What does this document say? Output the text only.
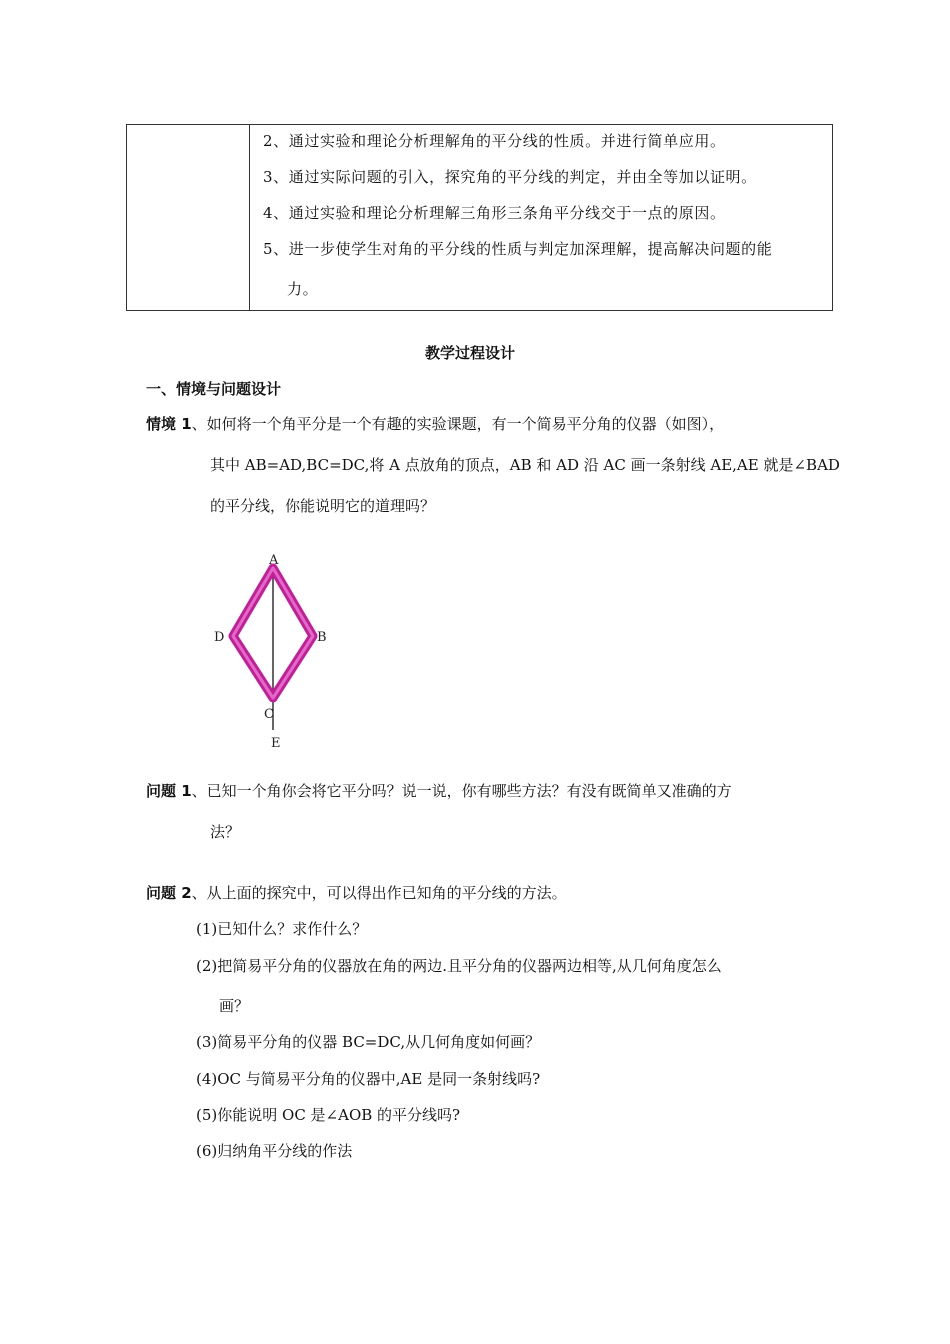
2、通过实验和理论分析理解角的平分线的性质。并进行简单应用。
3、通过实际问题的引入，探究角的平分线的判定，并由全等加以证明。
4、通过实验和理论分析理解三角形三条角平分线交于一点的原因。
5、进一步使学生对角的平分线的性质与判定加深理解，提高解决问题的能
力。
教学过程设计
一、情境与问题设计
情境 1、如何将一个角平分是一个有趣的实验课题，有一个简易平分角的仪器（如图），
其中 AB=AD,BC=DC,将 A 点放角的顶点，AB 和 AD 沿 AC 画一条射线 AE,AE 就是∠BAD
的平分线，你能说明它的道理吗？
A
B
C
D
E
问题 1、已知一个角你会将它平分吗？说一说，你有哪些方法？有没有既简单又准确的方
法？
问题 2、从上面的探究中，可以得出作已知角的平分线的方法。
(1)已知什么？求作什么？
(2)把简易平分角的仪器放在角的两边.且平分角的仪器两边相等,从几何角度怎么
画？
(3)简易平分角的仪器 BC=DC,从几何角度如何画？
(4)OC 与简易平分角的仪器中,AE 是同一条射线吗?
(5)你能说明 OC 是∠AOB 的平分线吗?
(6)归纳角平分线的作法
